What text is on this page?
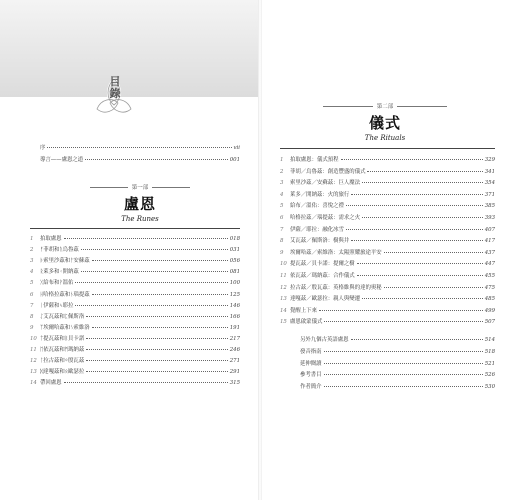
目錄
序	vii
導言——盧恩之道	001
第一部
盧恩
The Runes
1	拍取盧恩	018
2	ᚠ菲胡和ᚢ烏魯茲	031
3	ᚦ索里沙茲和ᚨ安蘇茲	056
4	ᚱ萊多和ᚲ開納茲	081
5	ᚷ給布和ᚹ溫佑	100
6	ᚺ哈格拉茲和ᚾ瑙提茲	125
7	ᛁ伊薩和ᛃ耶拉	146
8	ᛇ艾瓦茲和ᛈ佩斯洛	166
9	ᛉ埃爾哈茲和ᛊ索維洛	191
10 ᛏ提瓦茲和ᛒ貝卡諾	217
11 ᛖ依瓦茲和ᛗ瑪納茲	246
12 ᛚ拉古茲和ᛜ殷瓦茲	271
13 ᛞ達嘎茲和ᛟ歐瑟拉	291
14 帶回盧恩	315
第二部
儀式
The Rituals
1	拍取盧恩：儀式預程	329
2	菲胡／烏魯茲：創造豐盛的儀式	341
3	索里沙茲／安蘇茲：巨人魔法	354
4	萊多／開納茲：火的旅行	371
5	給布／溫佑：喜悅之禮	385
6	哈格拉茲／瑙提茲：需求之火	393
7	伊薩／耶拉：融化冰雪	407
8	艾瓦茲／佩斯洛：樹與井	417
9	埃爾哈茲／索維洛：太陽照耀旅途平安	437
10 提瓦茲／貝卡諾：提爾之樹	447
11 依瓦茲／瑪納茲：合作儀式	455
12 拉古茲／殷瓦茲：英格維與的達的奧秘	475
13 達嘎茲／歐瑟拉：親人與變遷	485
14 覺醒上下來	499
15 盧恩啟蒙儀式	507
另外九個古英語盧恩	514
發音指南	518
延伸閱讀	521
參考書目	526
作者簡介	530
